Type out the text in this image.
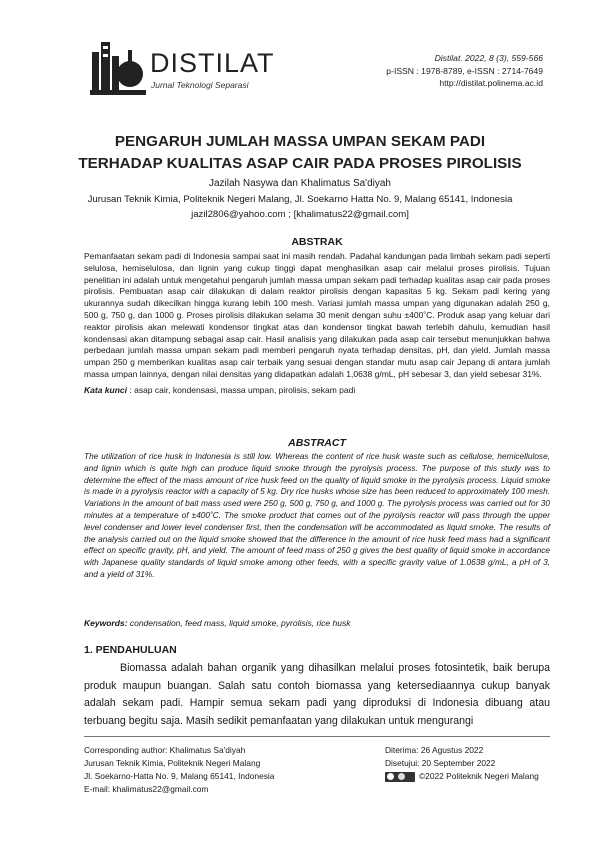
DISTILAT
Jurnal Teknologi Separasi
Distilat. 2022, 8 (3), 559-566
p-ISSN : 1978-8789, e-ISSN : 2714-7649
http://distilat.polinema.ac.id
PENGARUH JUMLAH MASSA UMPAN SEKAM PADI
TERHADAP KUALITAS ASAP CAIR PADA PROSES PIROLISIS
Jazilah Nasywa dan Khalimatus Sa'diyah
Jurusan Teknik Kimia, Politeknik Negeri Malang, Jl. Soekarno Hatta No. 9, Malang 65141, Indonesia
jazil2806@yahoo.com ; [khalimatus22@gmail.com]
ABSTRAK

Pemanfaatan sekam padi di Indonesia sampai saat ini masih rendah. Padahal kandungan pada limbah sekam padi seperti selulosa, hemiselulosa, dan lignin yang cukup tinggi dapat menghasilkan asap cair melalui proses pirolisis. Tujuan penelitian ini adalah untuk mengetahui pengaruh jumlah massa umpan sekam padi terhadap kualitas asap cair pada proses pirolisis. Pembuatan asap cair dilakukan di dalam reaktor pirolisis dengan kapasitas 5 kg. Sekam padi kering yang ukurannya sudah dikecilkan hingga kurang lebih 100 mesh. Variasi jumlah massa umpan yang digunakan adalah 250 g, 500 g, 750 g, dan 1000 g. Proses pirolisis dilakukan selama 30 menit dengan suhu ±400˚C. Produk asap yang keluar dari reaktor pirolisis akan melewati kondensor tingkat atas dan kondensor tingkat bawah terlebih dahulu, kemudian hasil kondensasi akan ditampung sebagai asap cair. Hasil analisis yang dilakukan pada asap cair tersebut menunjukkan bahwa perbedaan jumlah massa umpan sekam padi memberi pengaruh nyata terhadap densitas, pH, dan yield. Jumlah massa umpan 250 g memberikan kualitas asap cair terbaik yang sesuai dengan standar mutu asap cair Jepang di antara jumlah massa umpan lainnya, dengan nilai densitas yang didapatkan adalah 1,0638 g/mL, pH sebesar 3, dan yield sebesar 31%.

Kata kunci : asap cair, kondensasi, massa umpan, pirolisis, sekam padi
ABSTRACT

The utilization of rice husk in Indonesia is still low. Whereas the content of rice husk waste such as cellulose, hemicellulose, and lignin which is quite high can produce liquid smoke through the pyrolysis process. The purpose of this study was to determine the effect of the mass amount of rice husk feed on the quality of liquid smoke in the pyrolysis process. Liquid smoke is made in a pyrolysis reactor with a capacity of 5 kg. Dry rice husks whose size has been reduced to approximately 100 mesh. Variations in the amount of bait mass used were 250 g, 500 g, 750 g, and 1000 g. The pyrolysis process was carried out for 30 minutes at a temperature of ±400˚C. The smoke product that comes out of the pyrolysis reactor will pass through the upper level condenser and lower level condenser first, then the condensation will be accommodated as liquid smoke. The results of the analysis carried out on the liquid smoke showed that the difference in the amount of rice husk feed mass had a significant effect on specific gravity, pH, and yield. The amount of feed mass of 250 g gives the best quality of liquid smoke in accordance with Japanese quality standards of liquid smoke among other feeds, with a specific gravity value of 1.0638 g/mL, a pH of 3, and a yield of 31%.

Keywords: condensation, feed mass, liquid smoke, pyrolisis, rice husk
1. PENDAHULUAN

Biomassa adalah bahan organik yang dihasilkan melalui proses fotosintetik, baik berupa produk maupun buangan. Salah satu contoh biomassa yang ketersediaannya cukup banyak adalah sekam padi. Hampir semua sekam padi yang diproduksi di Indonesia dibuang atau terbuang begitu saja. Masih sedikit pemanfaatan yang dilakukan untuk mengurangi

Corresponding author: Khalimatus Sa'diyah
Jurusan Teknik Kimia, Politeknik Negeri Malang
Jl. Soekarno-Hatta No. 9, Malang 65141, Indonesia
E-mail: khalimatus22@gmail.com
Diterima: 26 Agustus 2022
Disetujui: 20 September 2022
©2022 Politeknik Negeri Malang
